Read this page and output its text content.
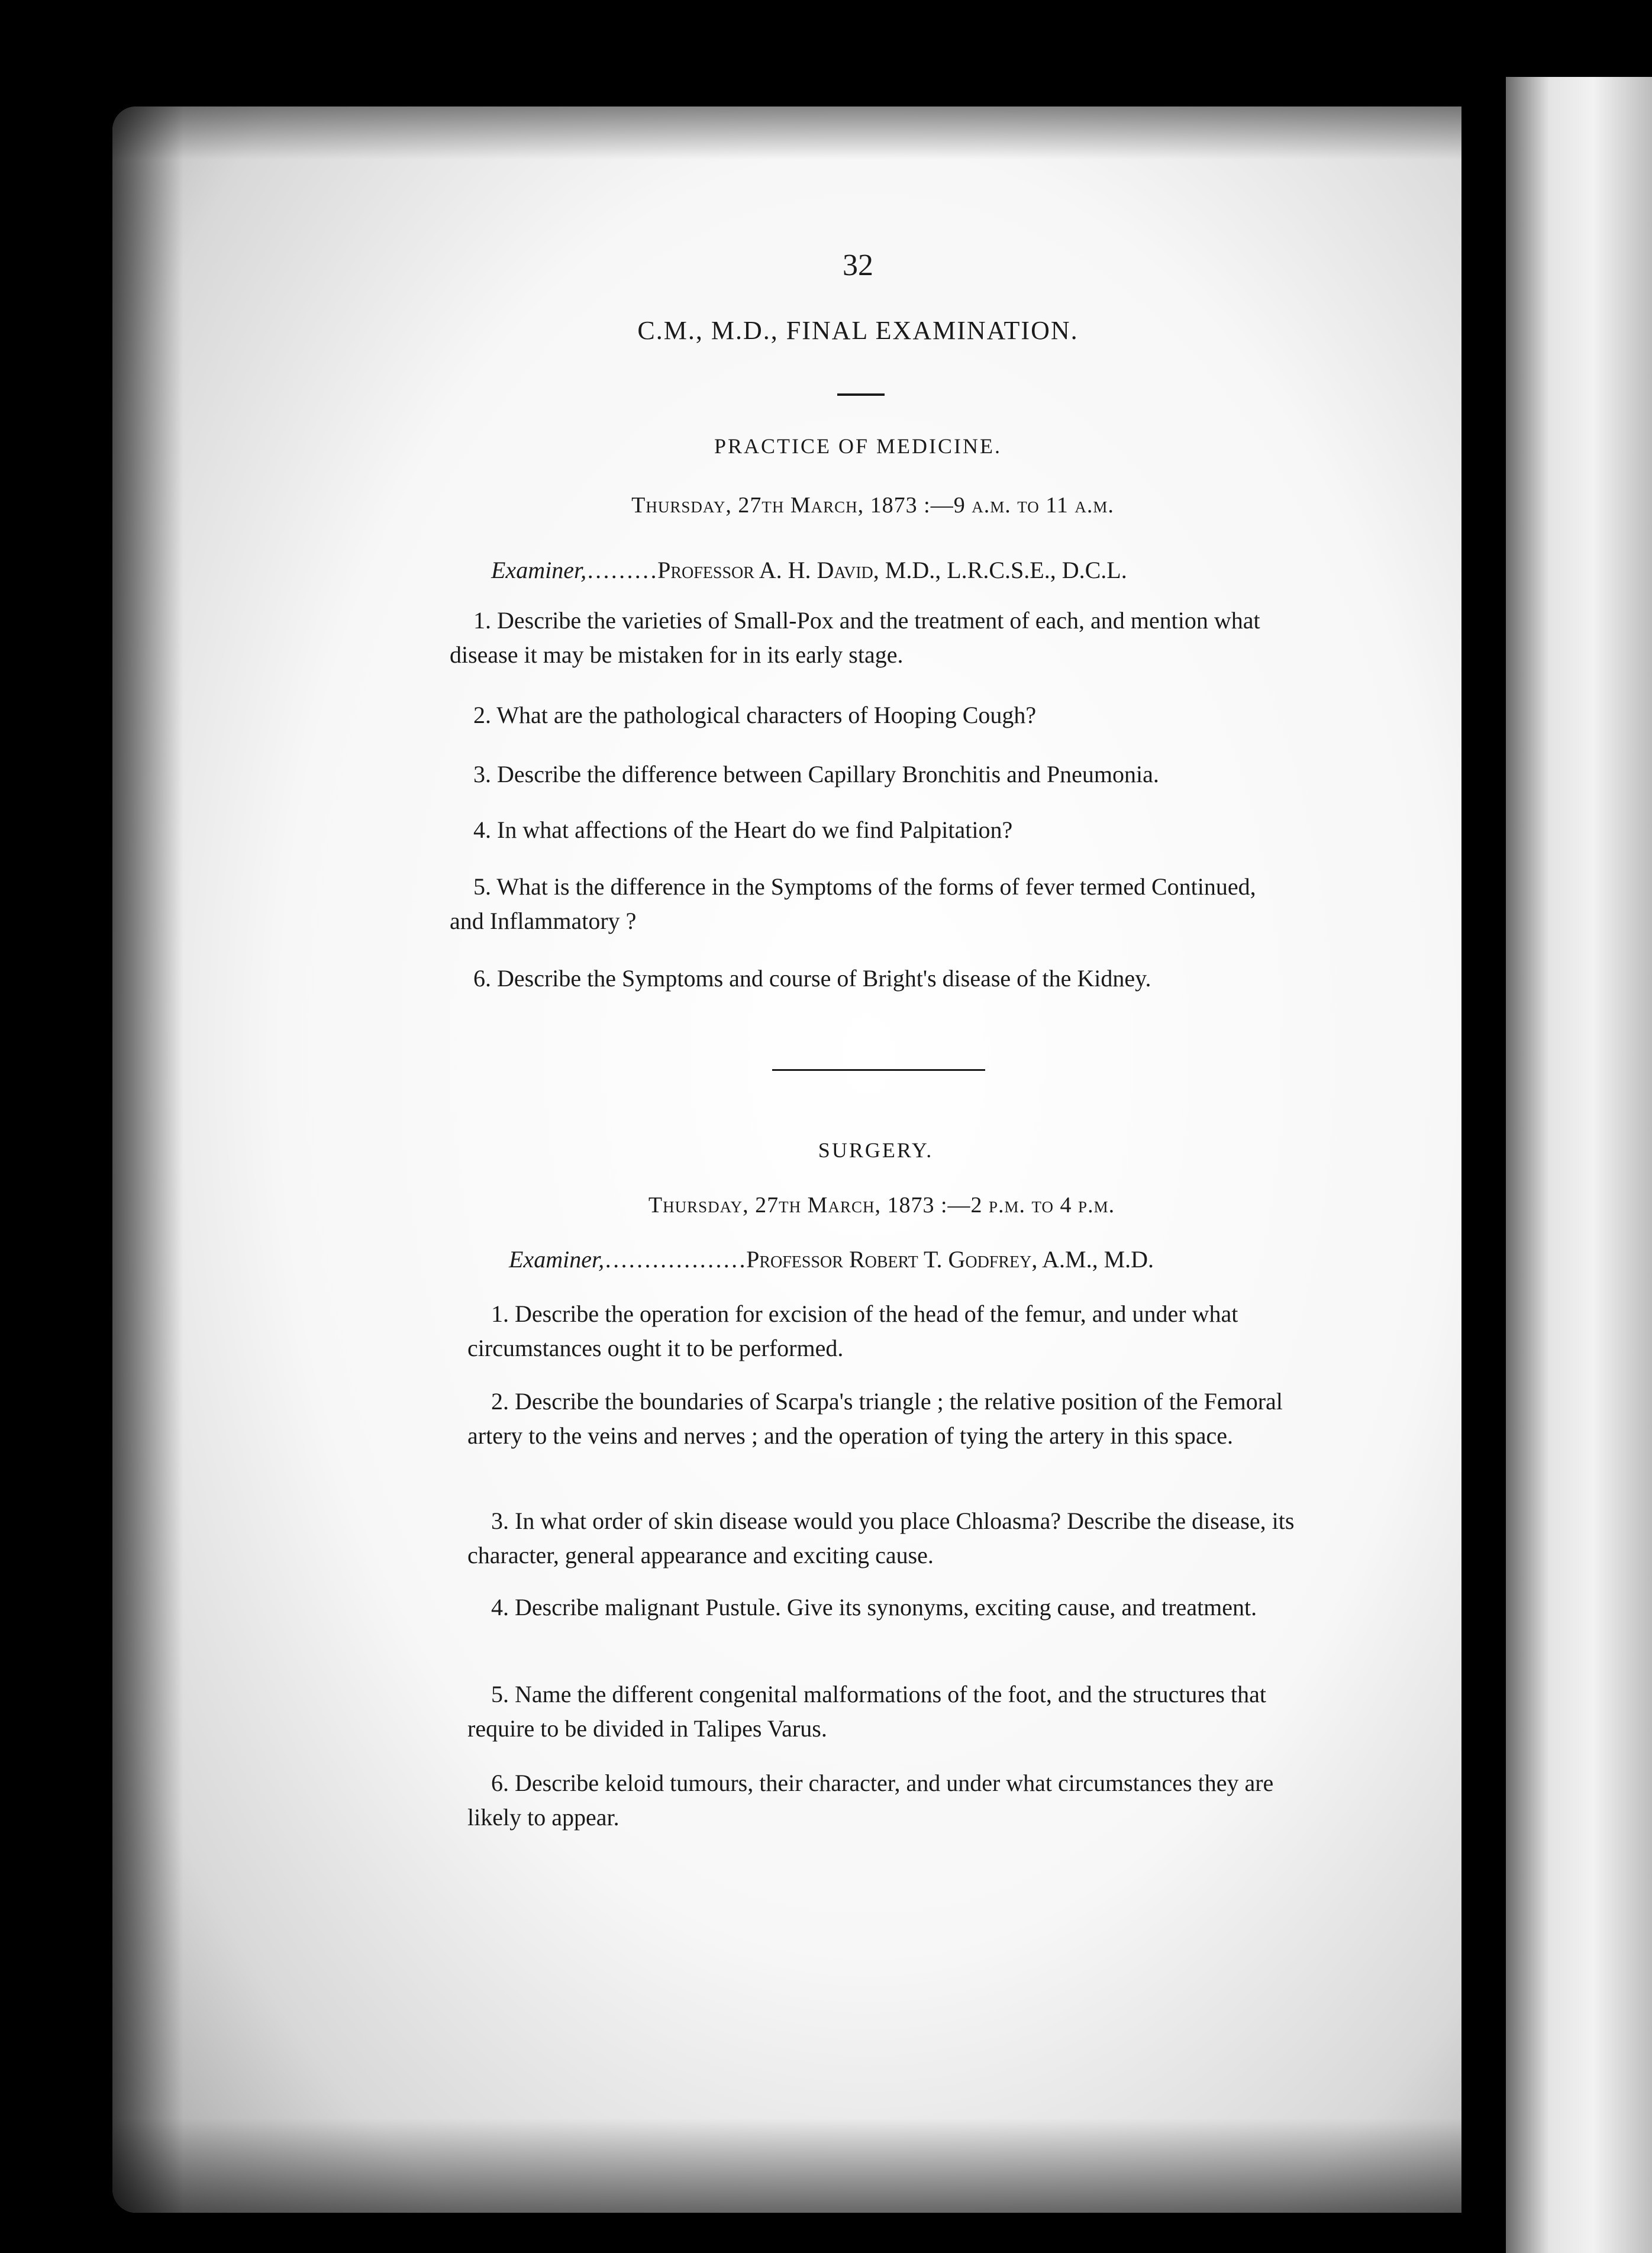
32
C.M., M.D., FINAL EXAMINATION.
PRACTICE OF MEDICINE.
Thursday, 27th March, 1873 :—9 a.m. to 11 a.m.
Examiner,………Professor A. H. David, M.D., L.R.C.S.E., D.C.L.
1. Describe the varieties of Small-Pox and the treatment of each, and mention what disease it may be mistaken for in its early stage.
2. What are the pathological characters of Hooping Cough?
3. Describe the difference between Capillary Bronchitis and Pneumonia.
4. In what affections of the Heart do we find Palpitation?
5. What is the difference in the Symptoms of the forms of fever termed Continued, and Inflammatory ?
6. Describe the Symptoms and course of Bright's disease of the Kidney.
SURGERY.
Thursday, 27th March, 1873 :—2 p.m. to 4 p.m.
Examiner,………………Professor Robert T. Godfrey, A.M., M.D.
1. Describe the operation for excision of the head of the femur, and under what circumstances ought it to be performed.
2. Describe the boundaries of Scarpa's triangle ; the relative position of the Femoral artery to the veins and nerves ; and the operation of tying the artery in this space.
3. In what order of skin disease would you place Chloasma? Describe the disease, its character, general appearance and exciting cause.
4. Describe malignant Pustule. Give its synonyms, exciting cause, and treatment.
5. Name the different congenital malformations of the foot, and the structures that require to be divided in Talipes Varus.
6. Describe keloid tumours, their character, and under what circumstances they are likely to appear.
